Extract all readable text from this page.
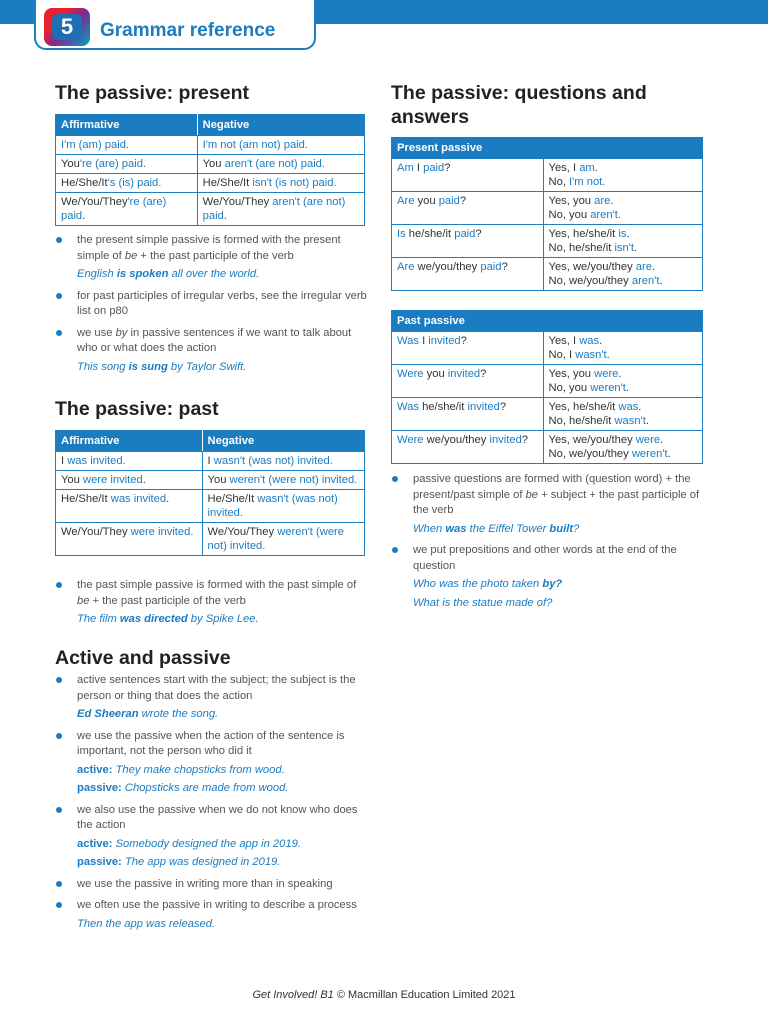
5	Grammar reference
The passive: present
Affirmative	Negative
I'm (am) paid.	I'm not (am not) paid.
You're (are) paid.	You aren't (are not) paid.
He/She/It's (is) paid.	He/She/It isn't (is not) paid.
We/You/They're (are) paid.	We/You/They aren't (are not) paid.
the present simple passive is formed with the present simple of be + the past participle of the verb
English is spoken all over the world.
for past participles of irregular verbs, see the irregular verb list on p80
we use by in passive sentences if we want to talk about who or what does the action
This song is sung by Taylor Swift.
The passive: past
Affirmative	Negative
I was invited.	I wasn't (was not) invited.
You were invited.	You weren't (were not) invited.
He/She/It was invited.	He/She/It wasn't (was not) invited.
We/You/They were invited.	We/You/They weren't (were not) invited.
the past simple passive is formed with the past simple of be + the past participle of the verb
The film was directed by Spike Lee.
Active and passive
active sentences start with the subject; the subject is the person or thing that does the action
Ed Sheeran wrote the song.
we use the passive when the action of the sentence is important, not the person who did it
active: They make chopsticks from wood.
passive: Chopsticks are made from wood.
we also use the passive when we do not know who does the action
active: Somebody designed the app in 2019.
passive: The app was designed in 2019.
we use the passive in writing more than in speaking
we often use the passive in writing to describe a process
Then the app was released.
The passive: questions and
answers
Present passive	
Am I paid?	Yes, I am.
No, I'm not.
Are you paid?	Yes, you are.
No, you aren't.
Is he/she/it paid?	Yes, he/she/it is.
No, he/she/it isn't.
Are we/you/they paid?	Yes, we/you/they are.
No, we/you/they aren't.
Past passive	
Was I invited?	Yes, I was.
No, I wasn't.
Were you invited?	Yes, you were.
No, you weren't.
Was he/she/it invited?	Yes, he/she/it was.
No, he/she/it wasn't.
Were we/you/they invited?	Yes, we/you/they were.
No, we/you/they weren't.
passive questions are formed with (question word) + the present/past simple of be + subject + the past participle of the verb
When was the Eiffel Tower built?
we put prepositions and other words at the end of the question
Who was the photo taken by?
What is the statue made of?
Get Involved! B1 © Macmillan Education Limited 2021
